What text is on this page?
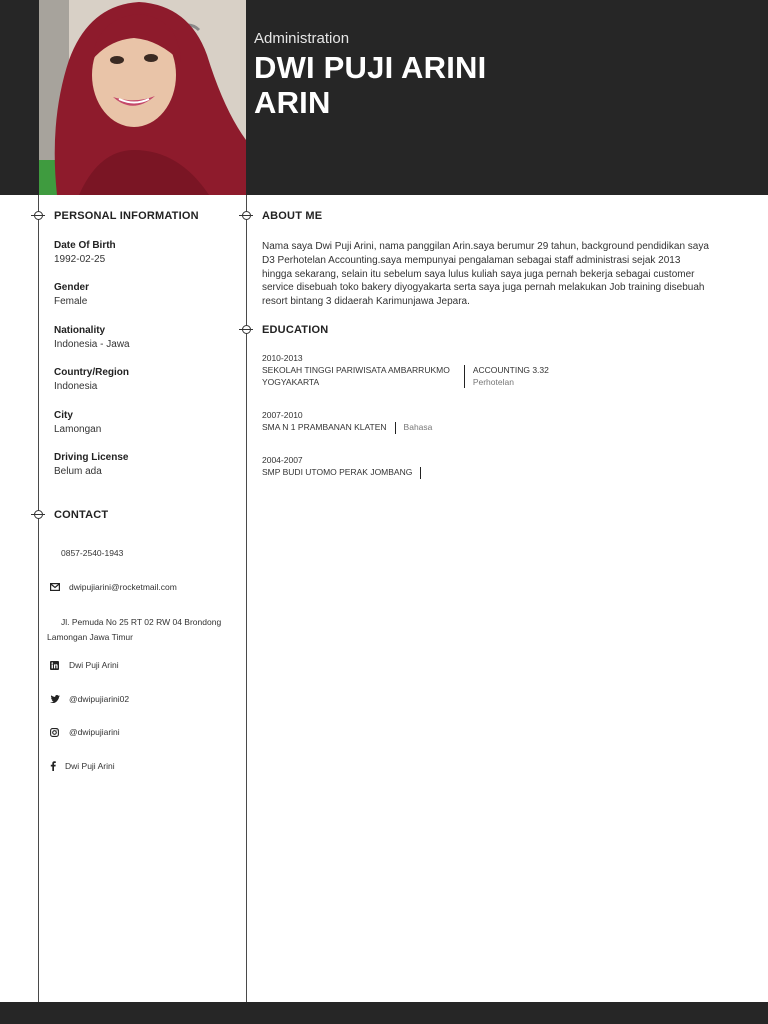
Administration
DWI PUJI ARINI
ARIN
PERSONAL INFORMATION
Date Of Birth
1992-02-25
Gender
Female
Nationality
Indonesia - Jawa
Country/Region
Indonesia
City
Lamongan
Driving License
Belum ada
CONTACT
0857-2540-1943
dwipujiarini@rocketmail.com
Jl. Pemuda No 25 RT 02 RW 04 Brondong
Lamongan Jawa Timur
Dwi Puji Arini
@dwipujiarini02
@dwipujiarini
Dwi Puji Arini
ABOUT ME
Nama saya Dwi Puji Arini, nama panggilan Arin.saya berumur 29 tahun, background pendidikan saya D3 Perhotelan Accounting.saya mempunyai pengalaman sebagai staff administrasi sejak 2013 hingga sekarang, selain itu sebelum saya lulus kuliah saya juga pernah bekerja sebagai customer service disebuah toko bakery diyogyakarta serta saya juga pernah melakukan Job training disebuah resort bintang 3 didaerah Karimunjawa Jepara.
EDUCATION
2010-2013
SEKOLAH TINGGI PARIWISATA AMBARRUKMO
YOGYAKARTA
ACCOUNTING 3.32
Perhotelan
2007-2010
SMA N 1 PRAMBANAN KLATEN Bahasa
2004-2007
SMP BUDI UTOMO PERAK JOMBANG
